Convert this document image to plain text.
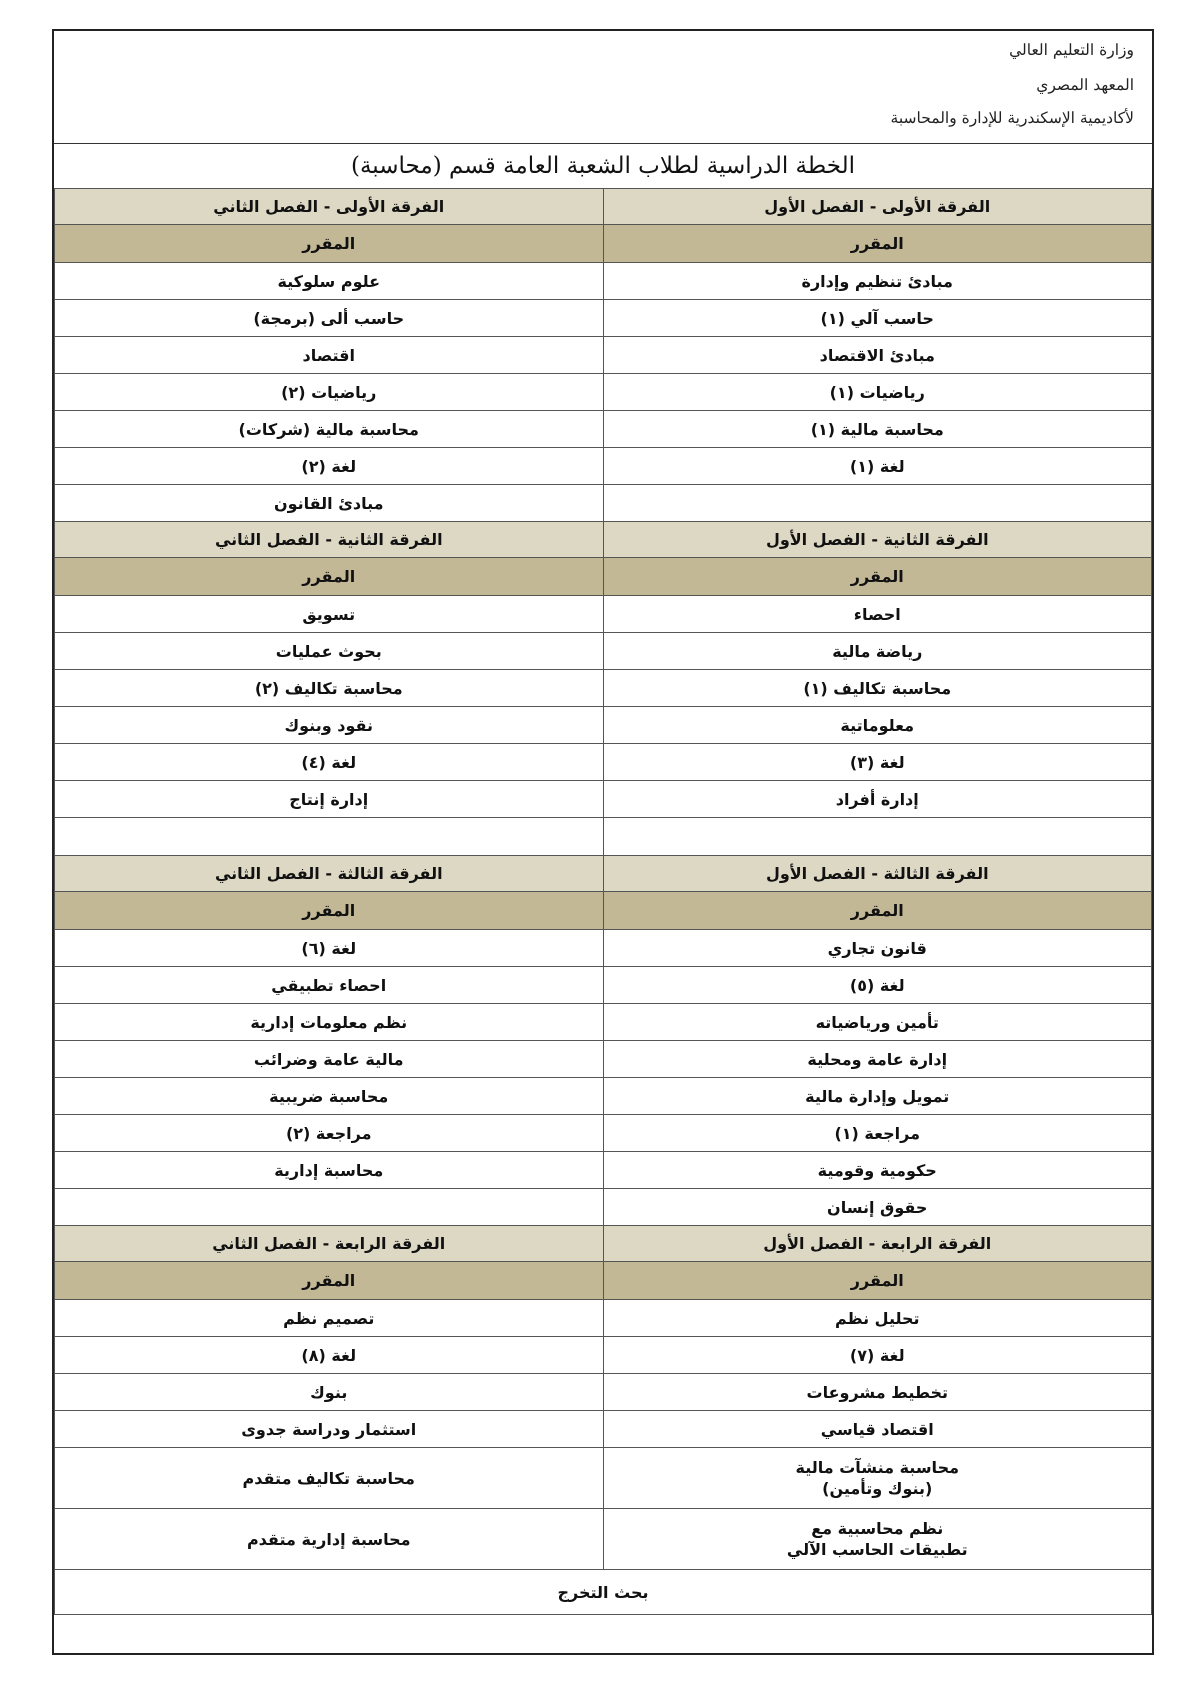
وزارة التعليم العالي
المعهد المصري
لأكاديمية الإسكندرية للإدارة والمحاسبة
الخطة الدراسية لطلاب الشعبة العامة قسم (محاسبة)
الفرقة الأولى - الفصل الأول	الفرقة الأولى - الفصل الثاني
المقرر	المقرر
مبادئ تنظيم وإدارة	علوم سلوكية
حاسب آلي (١)	حاسب ألى (برمجة)
مبادئ الاقتصاد	اقتصاد
رياضيات (١)	رياضيات (٢)
محاسبة مالية (١)	محاسبة مالية (شركات)
لغة (١)	لغة (٢)
	مبادئ القانون
الفرقة الثانية - الفصل الأول	الفرقة الثانية - الفصل الثاني
المقرر	المقرر
احصاء	تسويق
رياضة مالية	بحوث عمليات
محاسبة تكاليف (١)	محاسبة تكاليف (٢)
معلوماتية	نقود وبنوك
لغة (٣)	لغة (٤)
إدارة أفراد	إدارة إنتاج

الفرقة الثالثة - الفصل الأول	الفرقة الثالثة - الفصل الثاني
المقرر	المقرر
قانون تجاري	لغة (٦)
لغة (٥)	احصاء تطبيقي
تأمين ورياضياته	نظم معلومات إدارية
إدارة عامة ومحلية	مالية عامة وضرائب
تمويل وإدارة مالية	محاسبة ضريبية
مراجعة (١)	مراجعة (٢)
حكومية وقومية	محاسبة إدارية
حقوق إنسان	
الفرقة الرابعة - الفصل الأول	الفرقة الرابعة - الفصل الثاني
المقرر	المقرر
تحليل نظم	تصميم نظم
لغة (٧)	لغة (٨)
تخطيط مشروعات	بنوك
اقتصاد قياسي	استثمار ودراسة جدوى
محاسبة منشآت مالية
(بنوك وتأمين)	محاسبة تكاليف متقدم
نظم محاسبية مع
تطبيقات الحاسب الآلي	محاسبة إدارية متقدم
بحث التخرج	
